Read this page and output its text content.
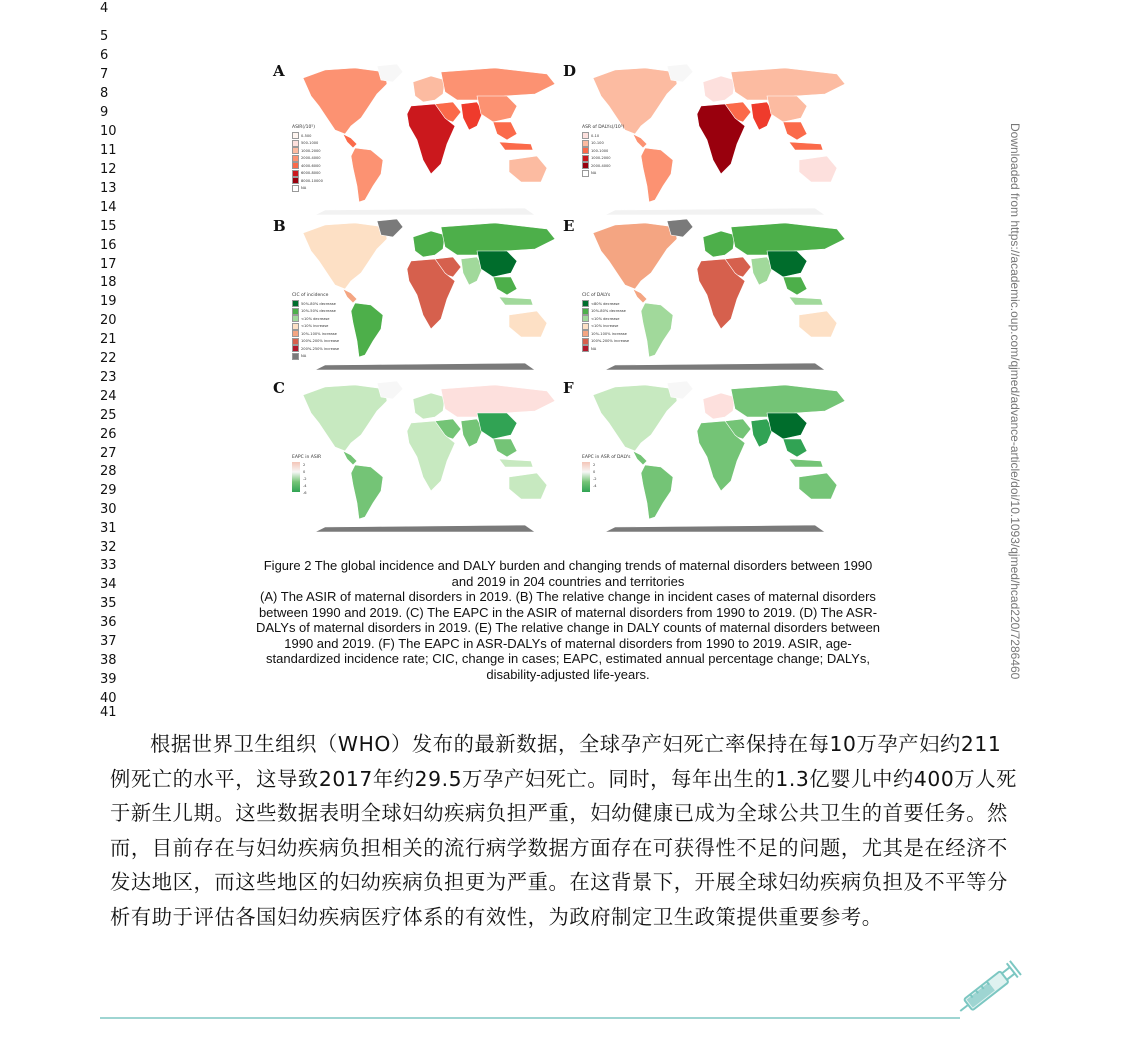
4
5
6
7
8
9
10
11
12
13
14
15
16
17
18
19
20
21
22
23
24
25
26
27
28
29
30
31
32
33
34
35
36
37
38
39
40
41
A
ASIR(/10⁵)
0-500
500-1000
1000-2000
2000-4000
4000-6000
6000-8000
8000-10000
NA
B
CIC of incidence
50%-80% decrease
10%-50% decrease
<10% decrease
<10% increase
10%-100% increase
100%-200% increase
200%-250% increase
NA
C
EAPC in ASIR
2
0
-2
-4
-6
D
ASR of DALYs(/10⁵)
0-10
10-100
100-1000
1000-2000
2000-4000
NA
E
CIC of DALYs
<80% decrease
10%-80% decrease
<10% decrease
<10% increase
10%-100% increase
100%-200% increase
NA
F
EAPC in ASR of DALYs
2
0
-2
-4

Figure 2 The global incidence and DALY burden and changing trends of maternal disorders between 1990

and 2019 in 204 countries and territories

(A) The ASIR of maternal disorders in 2019. (B) The relative change in incident cases of maternal disorders

between 1990 and 2019. (C) The EAPC in the ASIR of maternal disorders from 1990 to 2019. (D) The ASR-

DALYs of maternal disorders in 2019. (E) The relative change in DALY counts of maternal disorders between

1990 and 2019. (F) The EAPC in ASR-DALYs of maternal disorders from 1990 to 2019. ASIR, age-

standardized incidence rate; CIC, change in cases; EAPC, estimated annual percentage change; DALYs,

disability-adjusted life-years.	Downloaded from https://academic.oup.com/qjmed/advance-article/doi/10.1093/qjmed/hcad220/7286460

根据世界卫生组织（WHO）发布的最新数据，全球孕产妇死亡率保持在每10万孕产妇约211例死亡的水平，这导致2017年约29.5万孕产妇死亡。同时，每年出生的1.3亿婴儿中约400万人死于新生儿期。这些数据表明全球妇幼疾病负担严重，妇幼健康已成为全球公共卫生的首要任务。然而，目前存在与妇幼疾病负担相关的流行病学数据方面存在可获得性不足的问题，尤其是在经济不发达地区，而这些地区的妇幼疾病负担更为严重。在这背景下，开展全球妇幼疾病负担及不平等分析有助于评估各国妇幼疾病医疗体系的有效性，为政府制定卫生政策提供重要参考。
